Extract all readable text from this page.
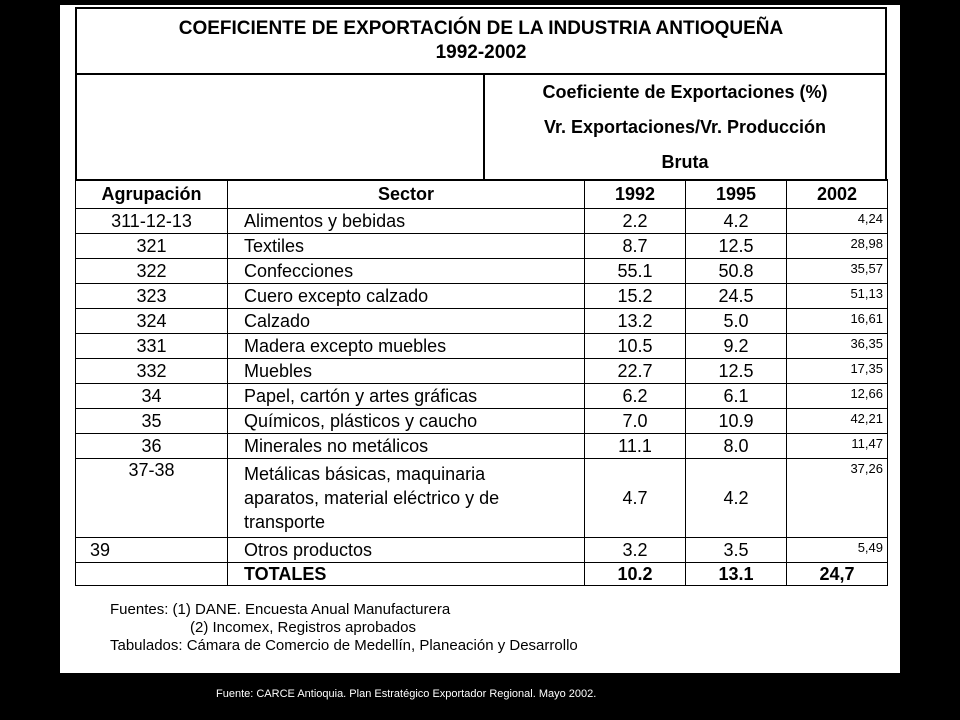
COEFICIENTE DE EXPORTACIÓN DE LA INDUSTRIA ANTIOQUEÑA
1992-2002
Coeficiente de Exportaciones (%)
Vr. Exportaciones/Vr. Producción
Bruta
Agrupación	Sector	1992	1995	2002
311-12-13	Alimentos y bebidas	2.2	4.2	4,24
321	Textiles	8.7	12.5	28,98
322	Confecciones	55.1	50.8	35,57
323	Cuero excepto calzado	15.2	24.5	51,13
324	Calzado	13.2	5.0	16,61
331	Madera excepto muebles	10.5	9.2	36,35
332	Muebles	22.7	12.5	17,35
34	Papel, cartón y artes gráficas	6.2	6.1	12,66
35	Químicos, plásticos y caucho	7.0	10.9	42,21
36	Minerales no metálicos	11.1	8.0	11,47
37-38	Metálicas básicas, maquinaria
aparatos, material eléctrico y de
transporte	4.7	4.2	37,26
39	Otros productos	3.2	3.5	5,49
	TOTALES	10.2	13.1	24,7
Fuentes: (1) DANE. Encuesta Anual Manufacturera
(2) Incomex, Registros aprobados
Tabulados: Cámara de Comercio de Medellín, Planeación y Desarrollo
Fuente: CARCE Antioquia. Plan Estratégico Exportador Regional. Mayo 2002.
